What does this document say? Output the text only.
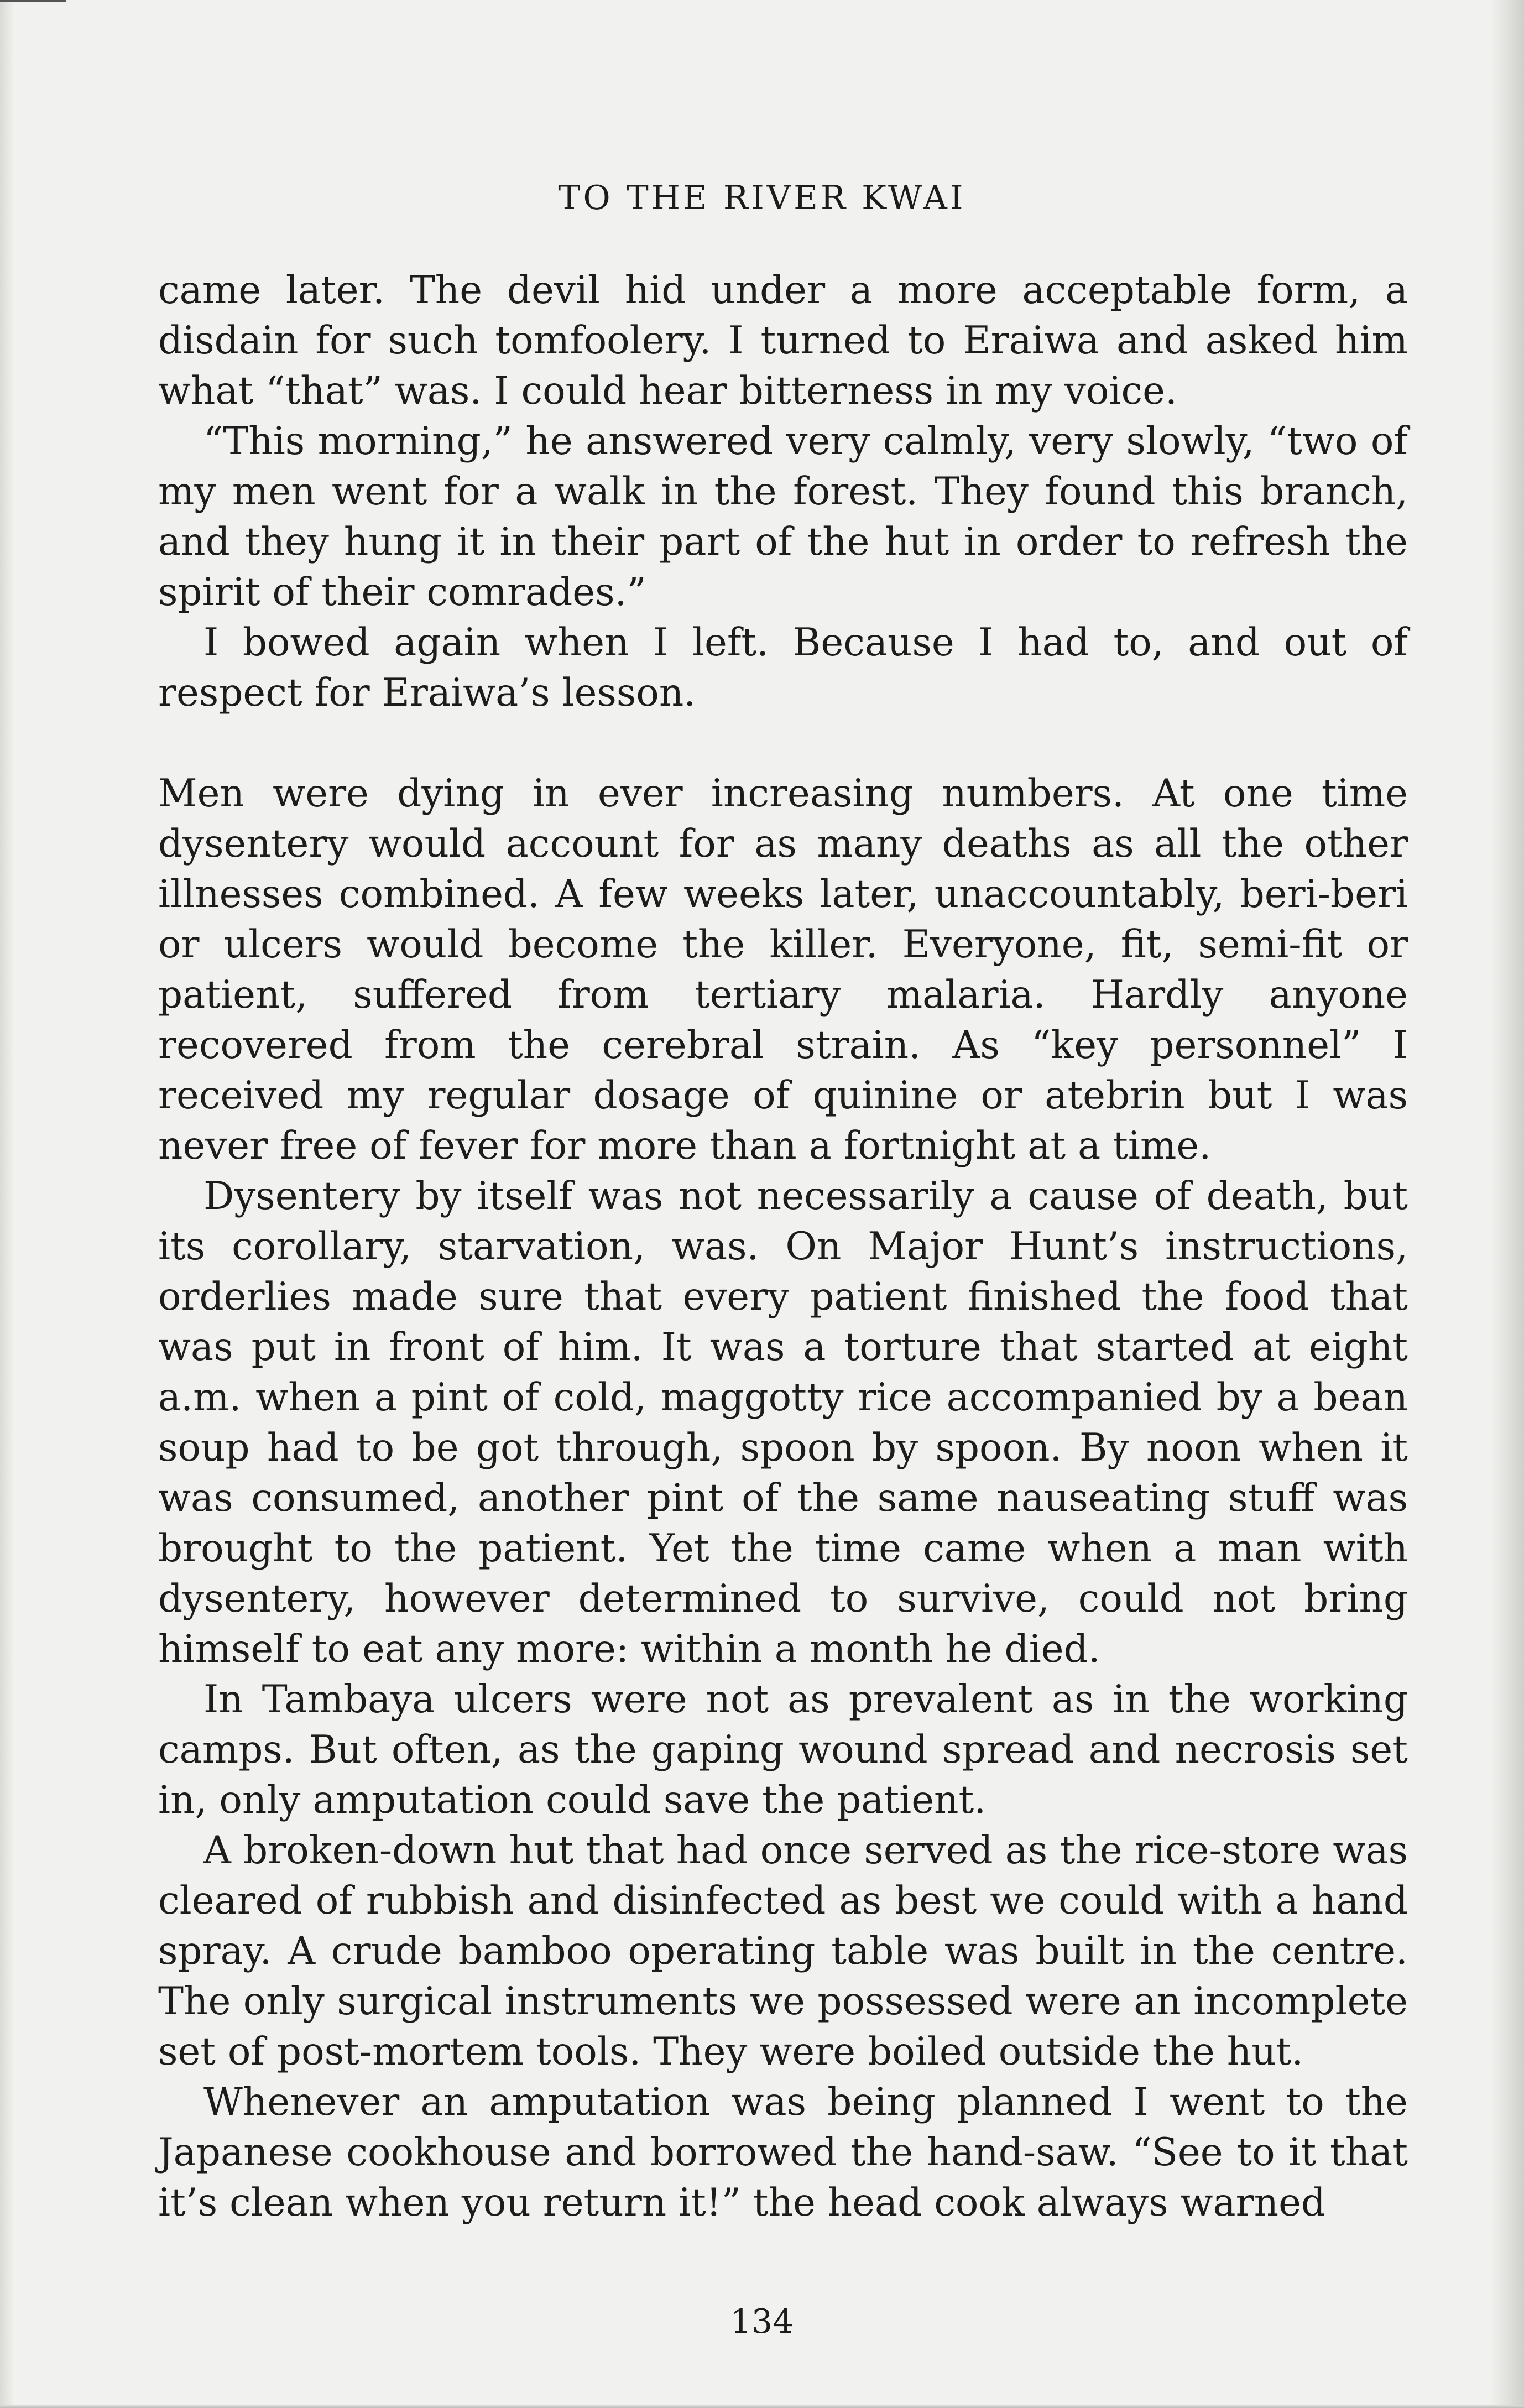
TO THE RIVER KWAI

came later. The devil hid under a more acceptable form, a disdain for such tomfoolery. I turned to Eraiwa and asked him what “that” was. I could hear bitterness in my voice.

“This morning,” he answered very calmly, very slowly, “two of my men went for a walk in the forest. They found this branch, and they hung it in their part of the hut in order to refresh the spirit of their comrades.”

I bowed again when I left. Because I had to, and out of respect for Eraiwa’s lesson.

Men were dying in ever increasing numbers. At one time dysentery would account for as many deaths as all the other illnesses combined. A few weeks later, unaccountably, beri-beri or ulcers would become the killer. Everyone, fit, semi-fit or patient, suffered from tertiary malaria. Hardly anyone recovered from the cerebral strain. As “key personnel” I received my regular dosage of quinine or atebrin but I was never free of fever for more than a fortnight at a time.

Dysentery by itself was not necessarily a cause of death, but its corollary, starvation, was. On Major Hunt’s instructions, orderlies made sure that every patient finished the food that was put in front of him. It was a torture that started at eight a.m. when a pint of cold, maggotty rice accompanied by a bean soup had to be got through, spoon by spoon. By noon when it was consumed, another pint of the same nauseating stuff was brought to the patient. Yet the time came when a man with dysentery, however determined to survive, could not bring himself to eat any more: within a month he died.

In Tambaya ulcers were not as prevalent as in the working camps. But often, as the gaping wound spread and necrosis set in, only amputation could save the patient.

A broken-down hut that had once served as the rice-store was cleared of rubbish and disinfected as best we could with a hand spray. A crude bamboo operating table was built in the centre. The only surgical instruments we possessed were an incomplete set of post-mortem tools. They were boiled outside the hut.

Whenever an amputation was being planned I went to the Japanese cookhouse and borrowed the hand-saw. “See to it that it’s clean when you return it!” the head cook always warned

134
